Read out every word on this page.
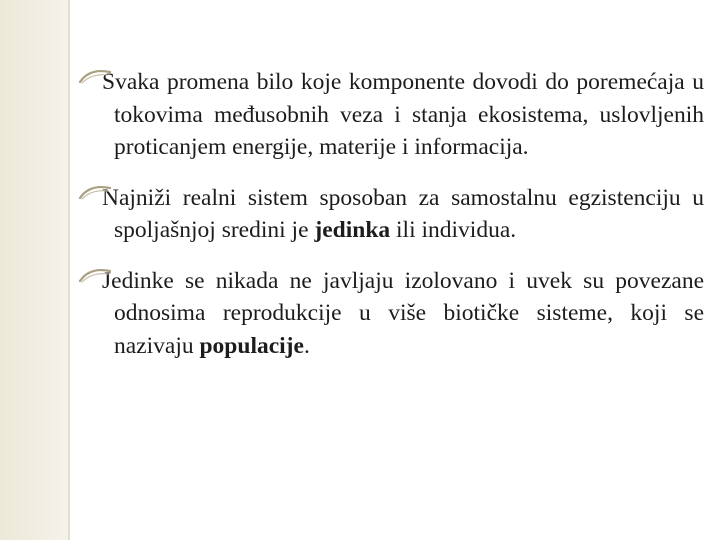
Svaka promena bilo koje komponente dovodi do poremećaja u tokovima međusobnih veza i stanja ekosistema, uslovljenih proticanjem energije, materije i informacija.
Najniži realni sistem sposoban za samostalnu egzistenciju u spoljašnjoj sredini je jedinka ili individua.
Jedinke se nikada ne javljaju izolovano i uvek su povezane odnosima reprodukcije u više biotičke sisteme, koji se nazivaju populacije.
